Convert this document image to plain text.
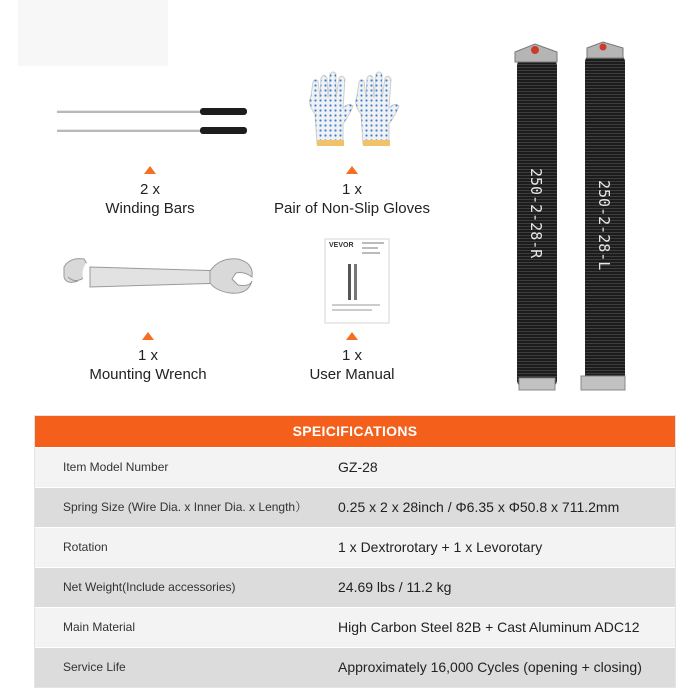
VEVOR	250-2-28-R	250-2-28-L
2 x
Winding Bars
1 x
Pair of Non-Slip Gloves
1 x
Mounting Wrench
1 x
User Manual
SPEICIFICATIONS
Item Model Number	GZ-28
Spring Size (Wire Dia. x Inner Dia. x Length） 0.25 x 2 x 28inch / Φ6.35 x Φ50.8 x 711.2mm
Rotation	1 x Dextrorotary + 1 x Levorotary
Net Weight(Include accessories)	24.69 lbs / 11.2 kg
Main Material	High Carbon Steel 82B + Cast Aluminum ADC12
Service Life	Approximately 16,000 Cycles (opening + closing)
